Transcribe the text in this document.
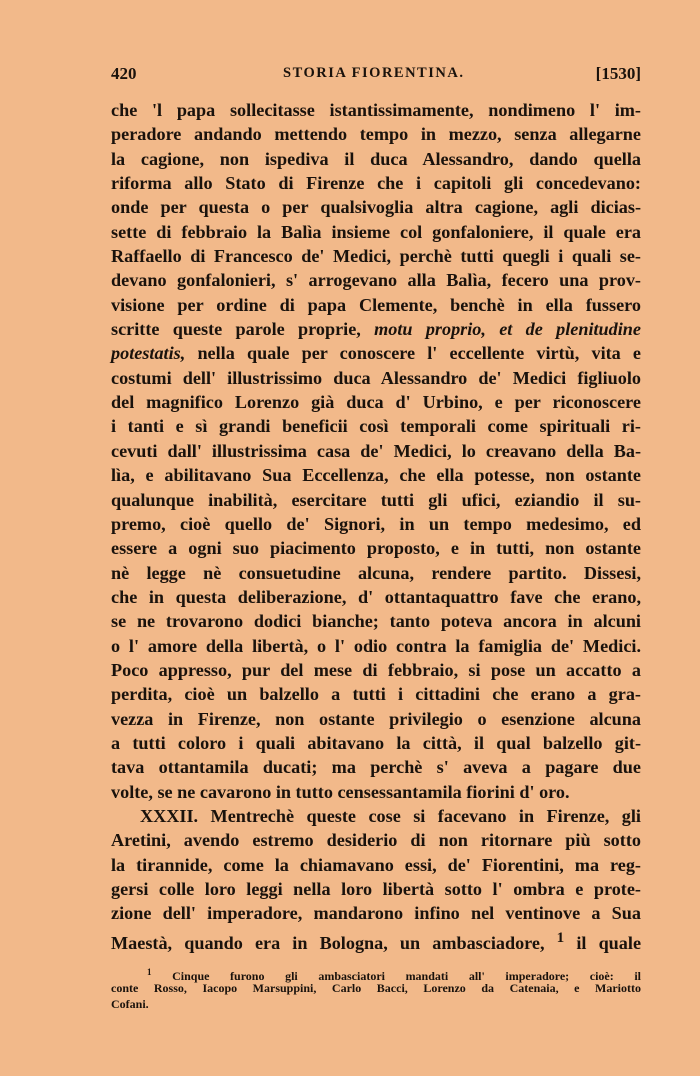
420	STORIA FIORENTINA.	[1530]
che 'l papa sollecitasse istantissimamente, nondimeno l' im-
peradore andando mettendo tempo in mezzo, senza allegarne
la cagione, non ispediva il duca Alessandro, dando quella
riforma allo Stato di Firenze che i capitoli gli concedevano:
onde per questa o per qualsivoglia altra cagione, agli dicias-
sette di febbraio la Balìa insieme col gonfaloniere, il quale era
Raffaello di Francesco de' Medici, perchè tutti quegli i quali se-
devano gonfalonieri, s' arrogevano alla Balìa, fecero una prov-
visione per ordine di papa Clemente, benchè in ella fussero
scritte queste parole proprie, motu proprio, et de plenitudine
potestatis, nella quale per conoscere l' eccellente virtù, vita e
costumi dell' illustrissimo duca Alessandro de' Medici figliuolo
del magnifico Lorenzo già duca d' Urbino, e per riconoscere
i tanti e sì grandi beneficii così temporali come spirituali ri-
cevuti dall' illustrissima casa de' Medici, lo creavano della Ba-
lìa, e abilitavano Sua Eccellenza, che ella potesse, non ostante
qualunque inabilità, esercitare tutti gli ufici, eziandio il su-
premo, cioè quello de' Signori, in un tempo medesimo, ed
essere a ogni suo piacimento proposto, e in tutti, non ostante
nè legge nè consuetudine alcuna, rendere partito. Dissesi,
che in questa deliberazione, d' ottantaquattro fave che erano,
se ne trovarono dodici bianche; tanto poteva ancora in alcuni
o l' amore della libertà, o l' odio contra la famiglia de' Medici.
Poco appresso, pur del mese di febbraio, si pose un accatto a
perdita, cioè un balzello a tutti i cittadini che erano a gra-
vezza in Firenze, non ostante privilegio o esenzione alcuna
a tutti coloro i quali abitavano la città, il qual balzello git-
tava ottantamila ducati; ma perchè s' aveva a pagare due
volte, se ne cavarono in tutto censessantamila fiorini d' oro.
XXXII. Mentrechè queste cose si facevano in Firenze, gli
Aretini, avendo estremo desiderio di non ritornare più sotto
la tirannide, come la chiamavano essi, de' Fiorentini, ma reg-
gersi colle loro leggi nella loro libertà sotto l' ombra e prote-
zione dell' imperadore, mandarono infino nel ventinove a Sua
Maestà, quando era in Bologna, un ambasciadore, $^1$ il quale
$^1$ Cinque furono gli ambasciatori mandati all' imperadore; cioè: il
conte Rosso, Iacopo Marsuppini, Carlo Bacci, Lorenzo da Catenaia, e Mariotto
Cofani.
